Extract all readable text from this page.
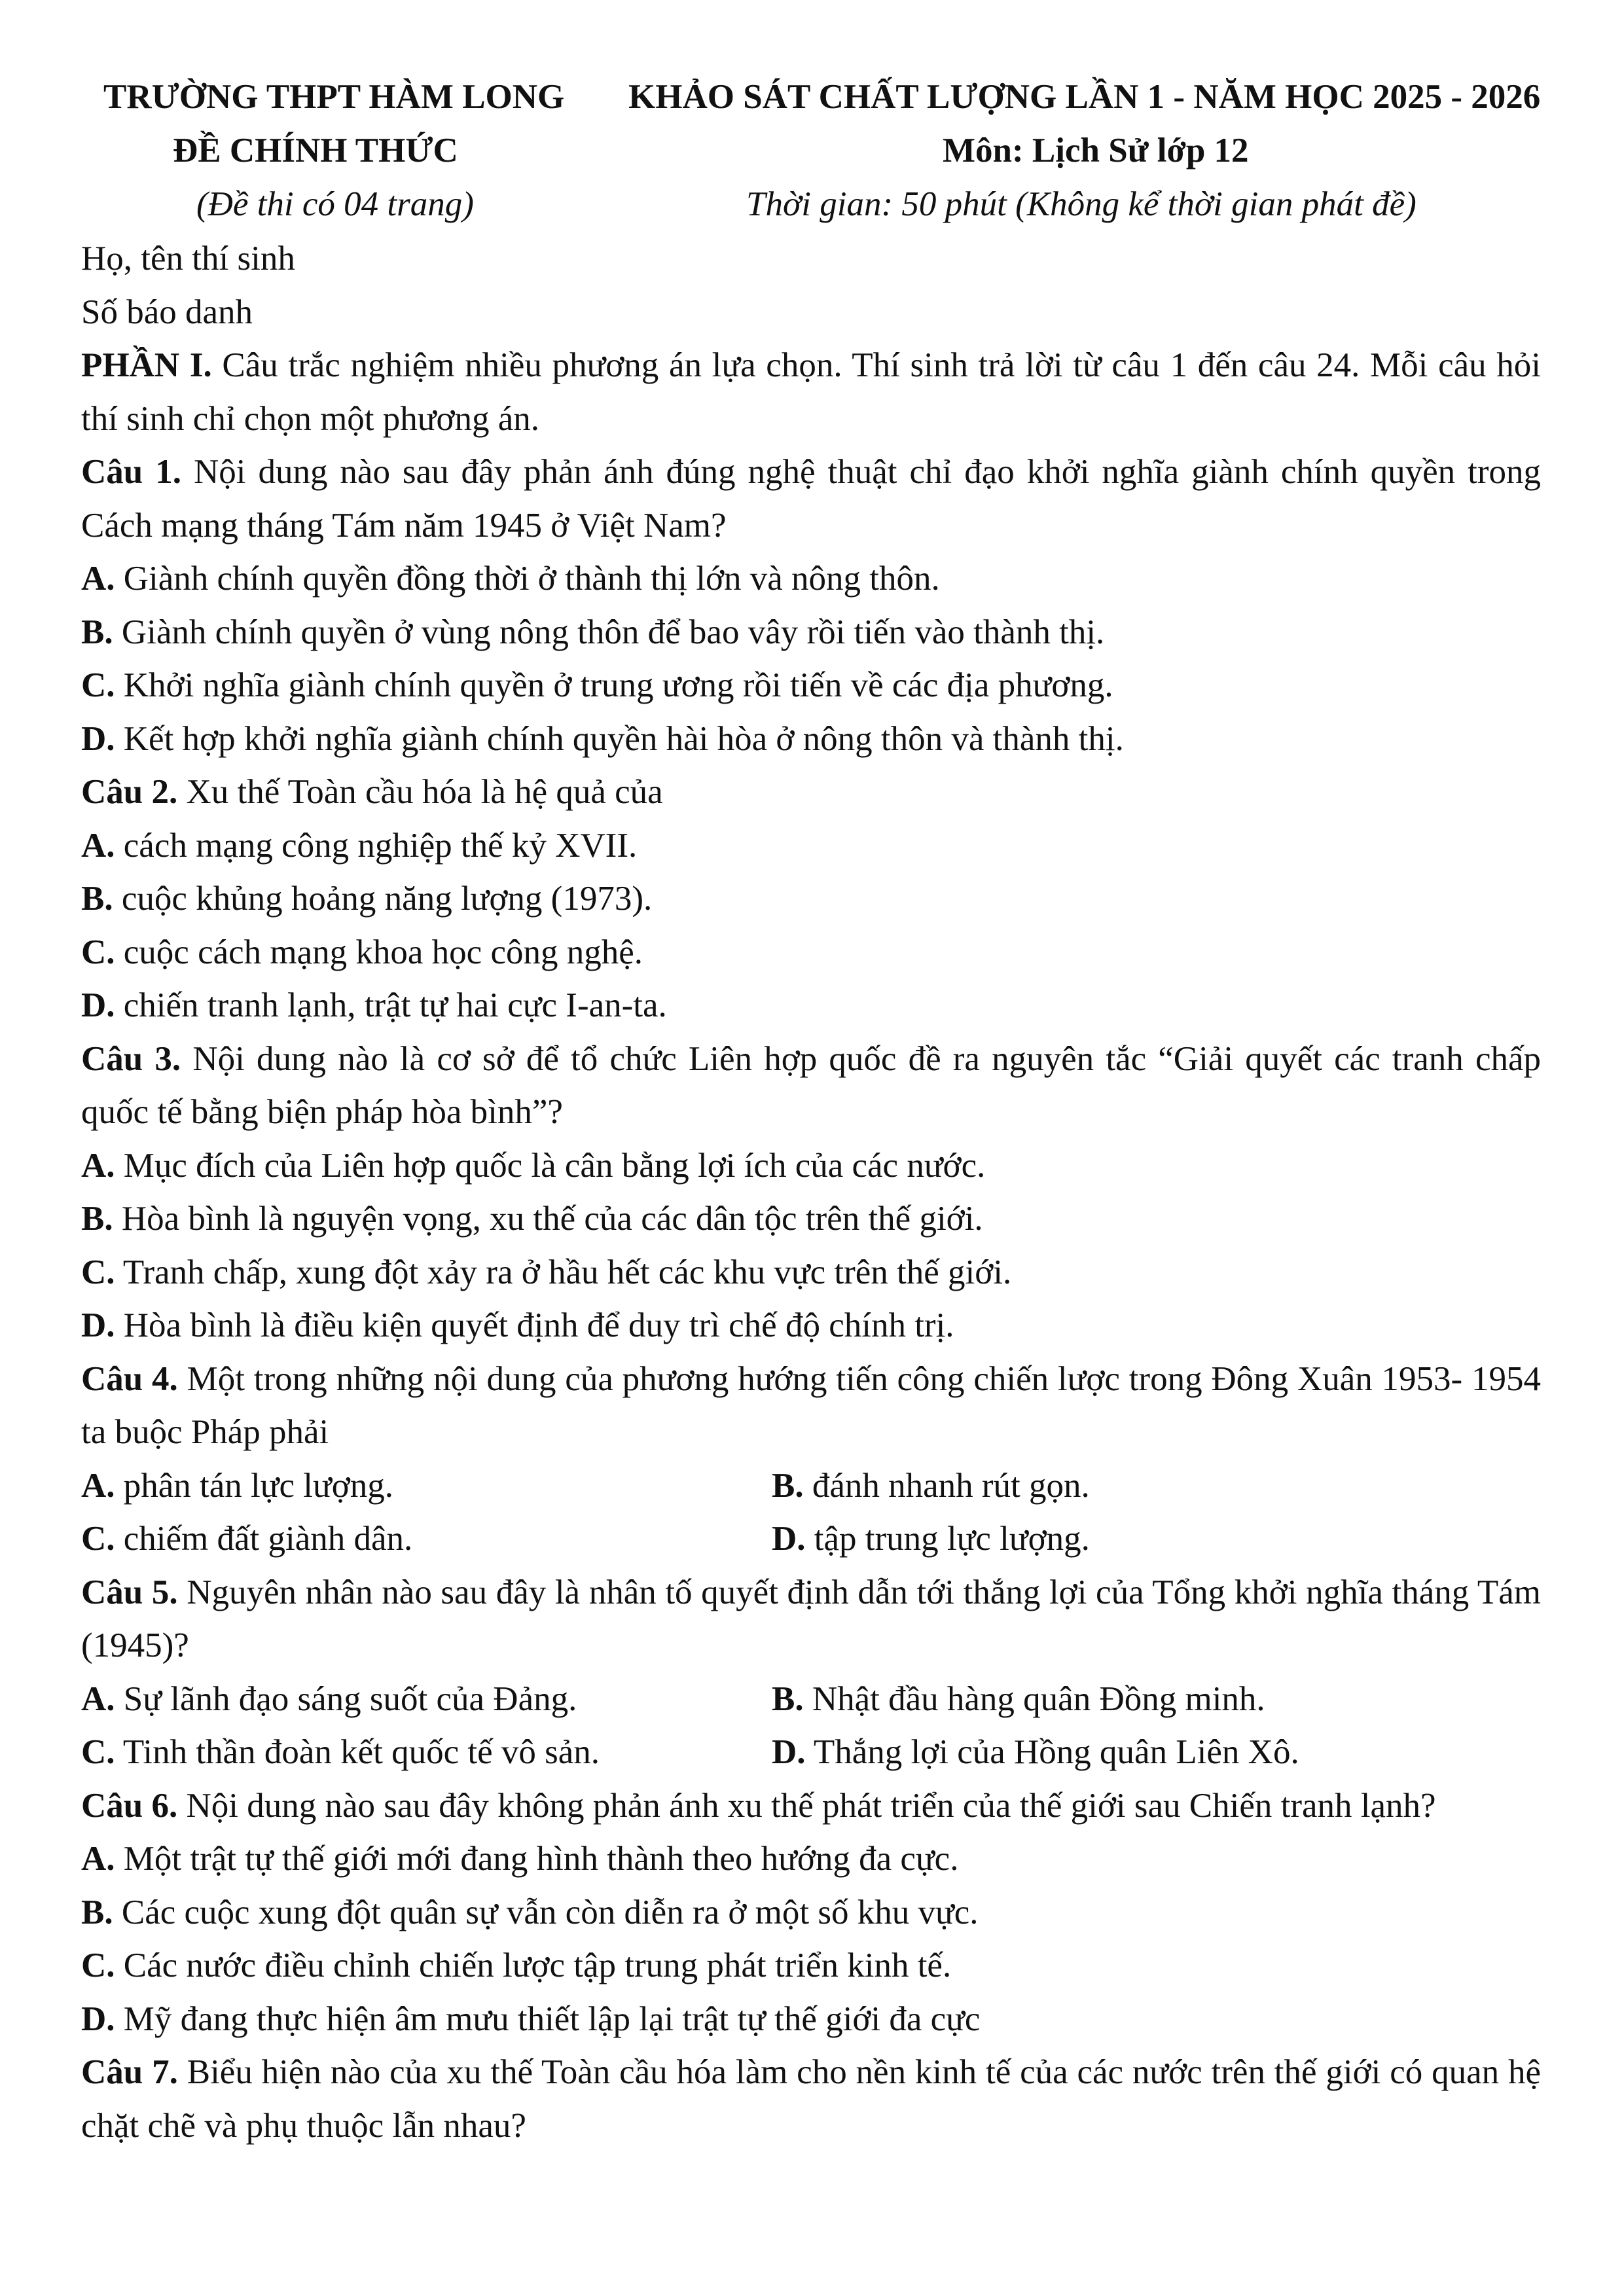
TRƯỜNG THPT HÀM LONG KHẢO SÁT CHẤT LƯỢNG LẦN 1 - NĂM HỌC 2025 - 2026
ĐỀ CHÍNH THỨC	Môn: Lịch Sử lớp 12
(Đề thi có 04 trang)	Thời gian: 50 phút (Không kể thời gian phát đề)
Họ, tên thí sinh
Số báo danh
PHẦN I. Câu trắc nghiệm nhiều phương án lựa chọn. Thí sinh trả lời từ câu 1 đến câu 24. Mỗi câu hỏi thí sinh chỉ chọn một phương án.
Câu 1. Nội dung nào sau đây phản ánh đúng nghệ thuật chỉ đạo khởi nghĩa giành chính quyền trong Cách mạng tháng Tám năm 1945 ở Việt Nam?
A. Giành chính quyền đồng thời ở thành thị lớn và nông thôn.
B. Giành chính quyền ở vùng nông thôn để bao vây rồi tiến vào thành thị.
C. Khởi nghĩa giành chính quyền ở trung ương rồi tiến về các địa phương.
D. Kết hợp khởi nghĩa giành chính quyền hài hòa ở nông thôn và thành thị.
Câu 2. Xu thế Toàn cầu hóa là hệ quả của
A. cách mạng công nghiệp thế kỷ XVII.
B. cuộc khủng hoảng năng lượng (1973).
C. cuộc cách mạng khoa học công nghệ.
D. chiến tranh lạnh, trật tự hai cực I-an-ta.
Câu 3. Nội dung nào là cơ sở để tổ chức Liên hợp quốc đề ra nguyên tắc “Giải quyết các tranh chấp quốc tế bằng biện pháp hòa bình”?
A. Mục đích của Liên hợp quốc là cân bằng lợi ích của các nước.
B. Hòa bình là nguyện vọng, xu thế của các dân tộc trên thế giới.
C. Tranh chấp, xung đột xảy ra ở hầu hết các khu vực trên thế giới.
D. Hòa bình là điều kiện quyết định để duy trì chế độ chính trị.
Câu 4. Một trong những nội dung của phương hướng tiến công chiến lược trong Đông Xuân 1953- 1954 ta buộc Pháp phải
A. phân tán lực lượng.	B. đánh nhanh rút gọn.
C. chiếm đất giành dân.	D. tập trung lực lượng.
Câu 5. Nguyên nhân nào sau đây là nhân tố quyết định dẫn tới thắng lợi của Tổng khởi nghĩa tháng Tám (1945)?
A. Sự lãnh đạo sáng suốt của Đảng.	B. Nhật đầu hàng quân Đồng minh.
C. Tinh thần đoàn kết quốc tế vô sản.	D. Thắng lợi của Hồng quân Liên Xô.
Câu 6. Nội dung nào sau đây không phản ánh xu thế phát triển của thế giới sau Chiến tranh lạnh?
A. Một trật tự thế giới mới đang hình thành theo hướng đa cực.
B. Các cuộc xung đột quân sự vẫn còn diễn ra ở một số khu vực.
C. Các nước điều chỉnh chiến lược tập trung phát triển kinh tế.
D. Mỹ đang thực hiện âm mưu thiết lập lại trật tự thế giới đa cực
Câu 7. Biểu hiện nào của xu thế Toàn cầu hóa làm cho nền kinh tế của các nước trên thế giới có quan hệ chặt chẽ và phụ thuộc lẫn nhau?
